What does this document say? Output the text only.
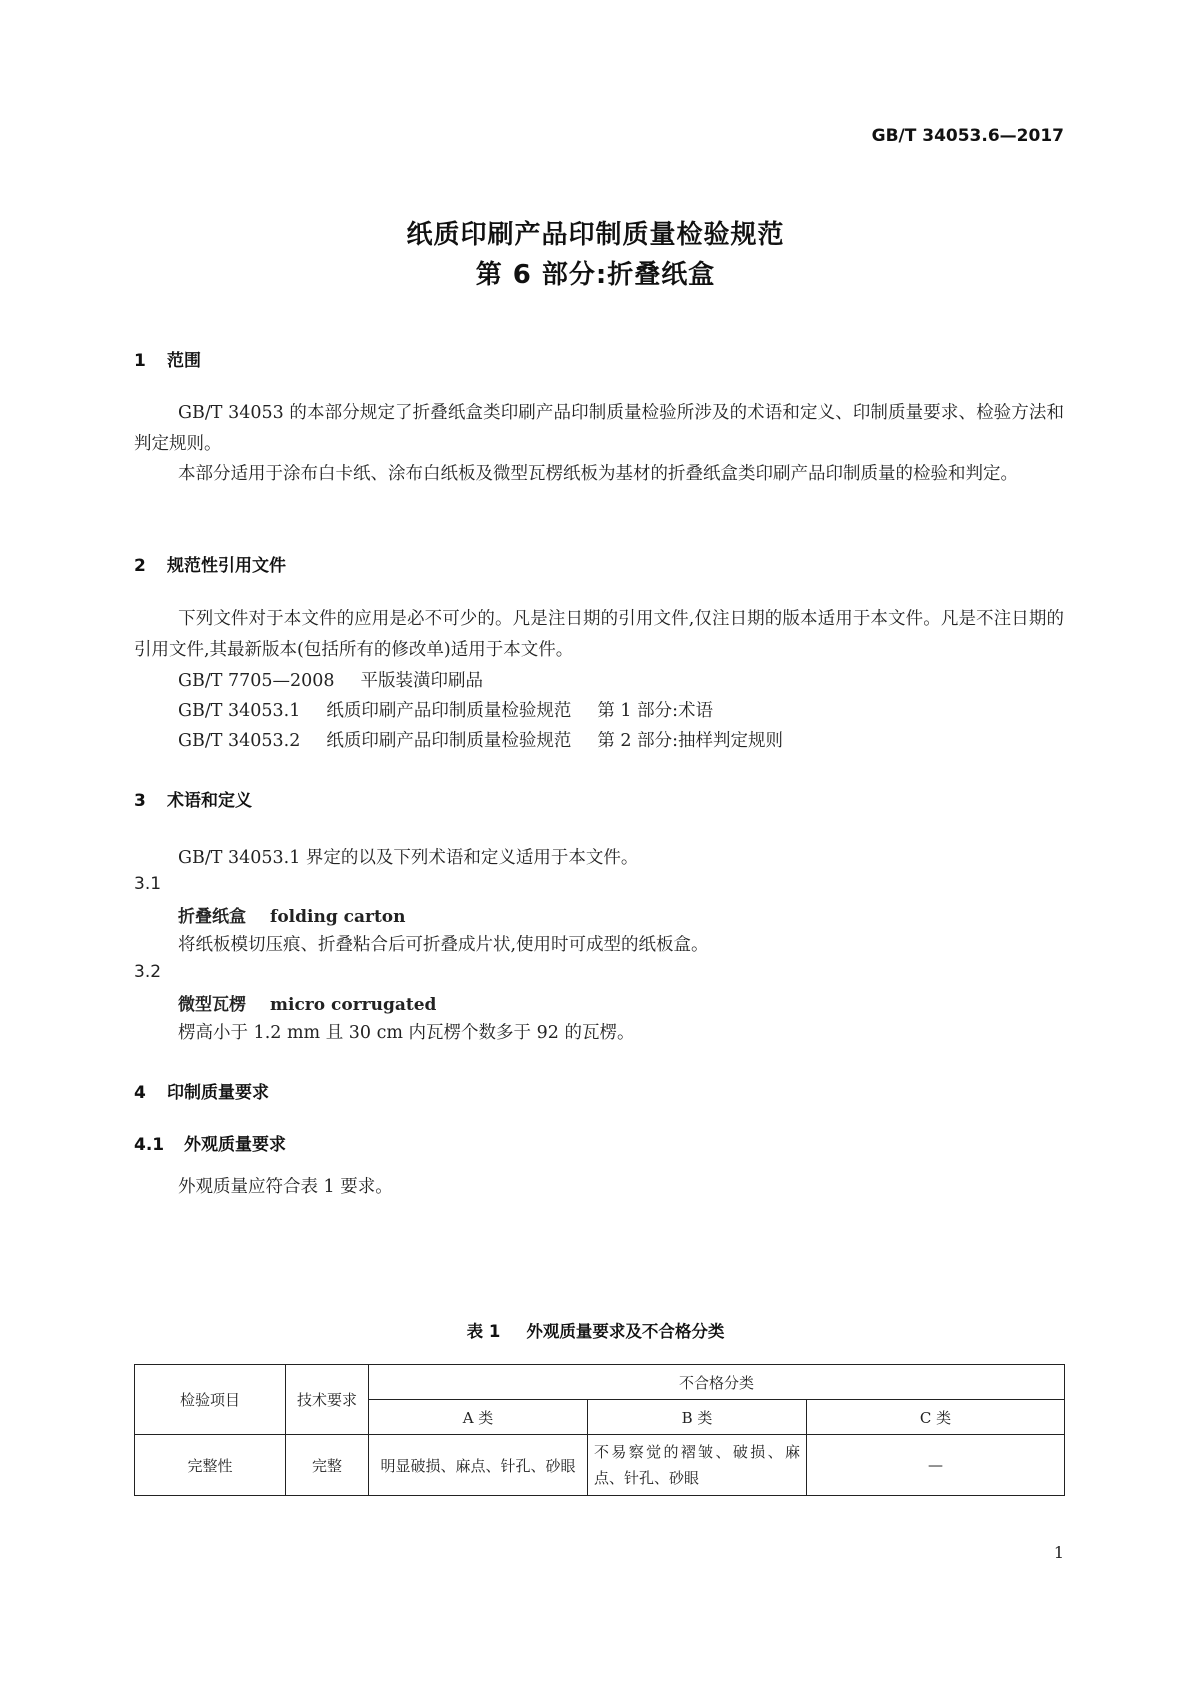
GB/T 34053.6—2017
纸质印刷产品印制质量检验规范
第 6 部分:折叠纸盒
1 范围
GB/T 34053 的本部分规定了折叠纸盒类印刷产品印制质量检验所涉及的术语和定义、印制质量要求、检验方法和判定规则。
本部分适用于涂布白卡纸、涂布白纸板及微型瓦楞纸板为基材的折叠纸盒类印刷产品印制质量的检验和判定。
2 规范性引用文件
下列文件对于本文件的应用是必不可少的。凡是注日期的引用文件,仅注日期的版本适用于本文件。凡是不注日期的引用文件,其最新版本(包括所有的修改单)适用于本文件。
GB/T 7705—2008 平版装潢印刷品
GB/T 34053.1 纸质印刷产品印制质量检验规范 第 1 部分:术语
GB/T 34053.2 纸质印刷产品印制质量检验规范 第 2 部分:抽样判定规则
3 术语和定义
GB/T 34053.1 界定的以及下列术语和定义适用于本文件。
3.1
折叠纸盒 folding carton
将纸板模切压痕、折叠粘合后可折叠成片状,使用时可成型的纸板盒。
3.2
微型瓦楞 micro corrugated
楞高小于 1.2 mm 且 30 cm 内瓦楞个数多于 92 的瓦楞。
4 印制质量要求
4.1 外观质量要求
外观质量应符合表 1 要求。
表 1 外观质量要求及不合格分类
检验项目	技术要求	不合格分类		
		A 类	B 类	C 类
完整性	完整	明显破损、麻点、针孔、砂眼	不易察觉的褶皱、破损、麻点、针孔、砂眼	—
1
